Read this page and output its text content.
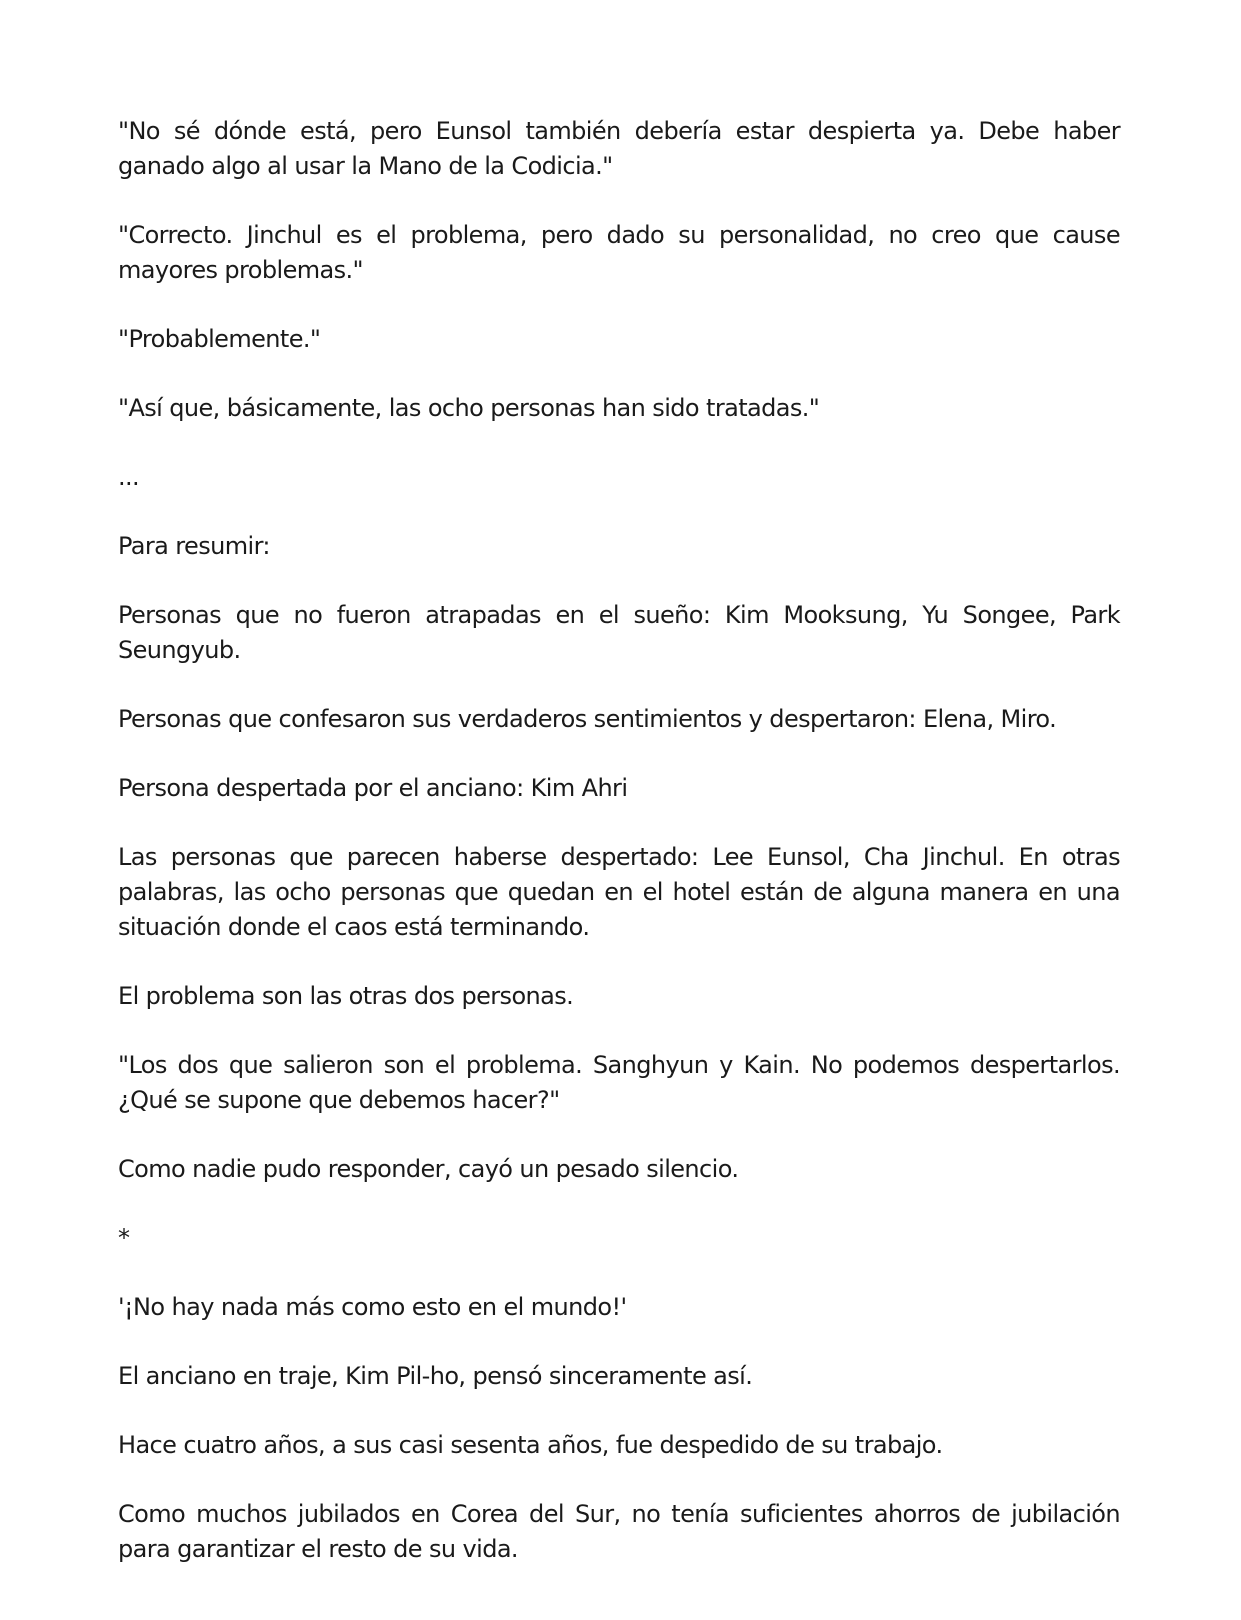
"No sé dónde está, pero Eunsol también debería estar despierta ya. Debe haber ganado algo al usar la Mano de la Codicia."

"Correcto. Jinchul es el problema, pero dado su personalidad, no creo que cause mayores problemas."

"Probablemente."

"Así que, básicamente, las ocho personas han sido tratadas."

...

Para resumir:

Personas que no fueron atrapadas en el sueño: Kim Mooksung, Yu Songee, Park Seungyub.

Personas que confesaron sus verdaderos sentimientos y despertaron: Elena, Miro.

Persona despertada por el anciano: Kim Ahri

Las personas que parecen haberse despertado: Lee Eunsol, Cha Jinchul. En otras palabras, las ocho personas que quedan en el hotel están de alguna manera en una situación donde el caos está terminando.

El problema son las otras dos personas.

"Los dos que salieron son el problema. Sanghyun y Kain. No podemos despertarlos. ¿Qué se supone que debemos hacer?"

Como nadie pudo responder, cayó un pesado silencio.

*

'¡No hay nada más como esto en el mundo!'

El anciano en traje, Kim Pil-ho, pensó sinceramente así.

Hace cuatro años, a sus casi sesenta años, fue despedido de su trabajo.

Como muchos jubilados en Corea del Sur, no tenía suficientes ahorros de jubilación para garantizar el resto de su vida.
